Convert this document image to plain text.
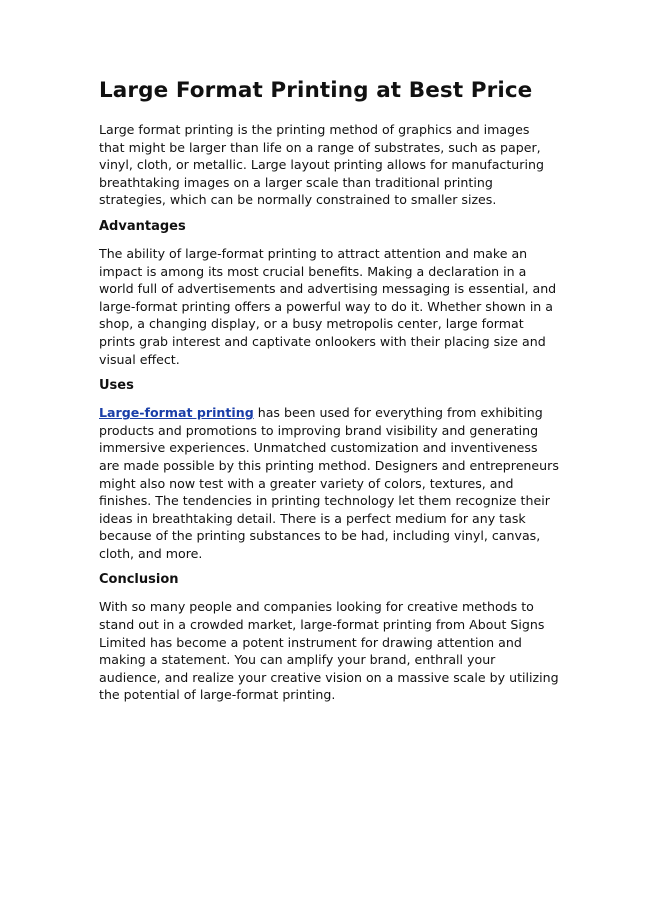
Large Format Printing at Best Price

Large format printing is the printing method of graphics and images that might be larger than life on a range of substrates, such as paper, vinyl, cloth, or metallic. Large layout printing allows for manufacturing breathtaking images on a larger scale than traditional printing strategies, which can be normally constrained to smaller sizes.

Advantages

The ability of large-format printing to attract attention and make an impact is among its most crucial benefits. Making a declaration in a world full of advertisements and advertising messaging is essential, and large-format printing offers a powerful way to do it. Whether shown in a shop, a changing display, or a busy metropolis center, large format prints grab interest and captivate onlookers with their placing size and visual effect.

Uses

Large-format printing has been used for everything from exhibiting products and promotions to improving brand visibility and generating immersive experiences. Unmatched customization and inventiveness are made possible by this printing method. Designers and entrepreneurs might also now test with a greater variety of colors, textures, and finishes. The tendencies in printing technology let them recognize their ideas in breathtaking detail. There is a perfect medium for any task because of the printing substances to be had, including vinyl, canvas, cloth, and more.

Conclusion

With so many people and companies looking for creative methods to stand out in a crowded market, large-format printing from About Signs Limited has become a potent instrument for drawing attention and making a statement. You can amplify your brand, enthrall your audience, and realize your creative vision on a massive scale by utilizing the potential of large-format printing.
